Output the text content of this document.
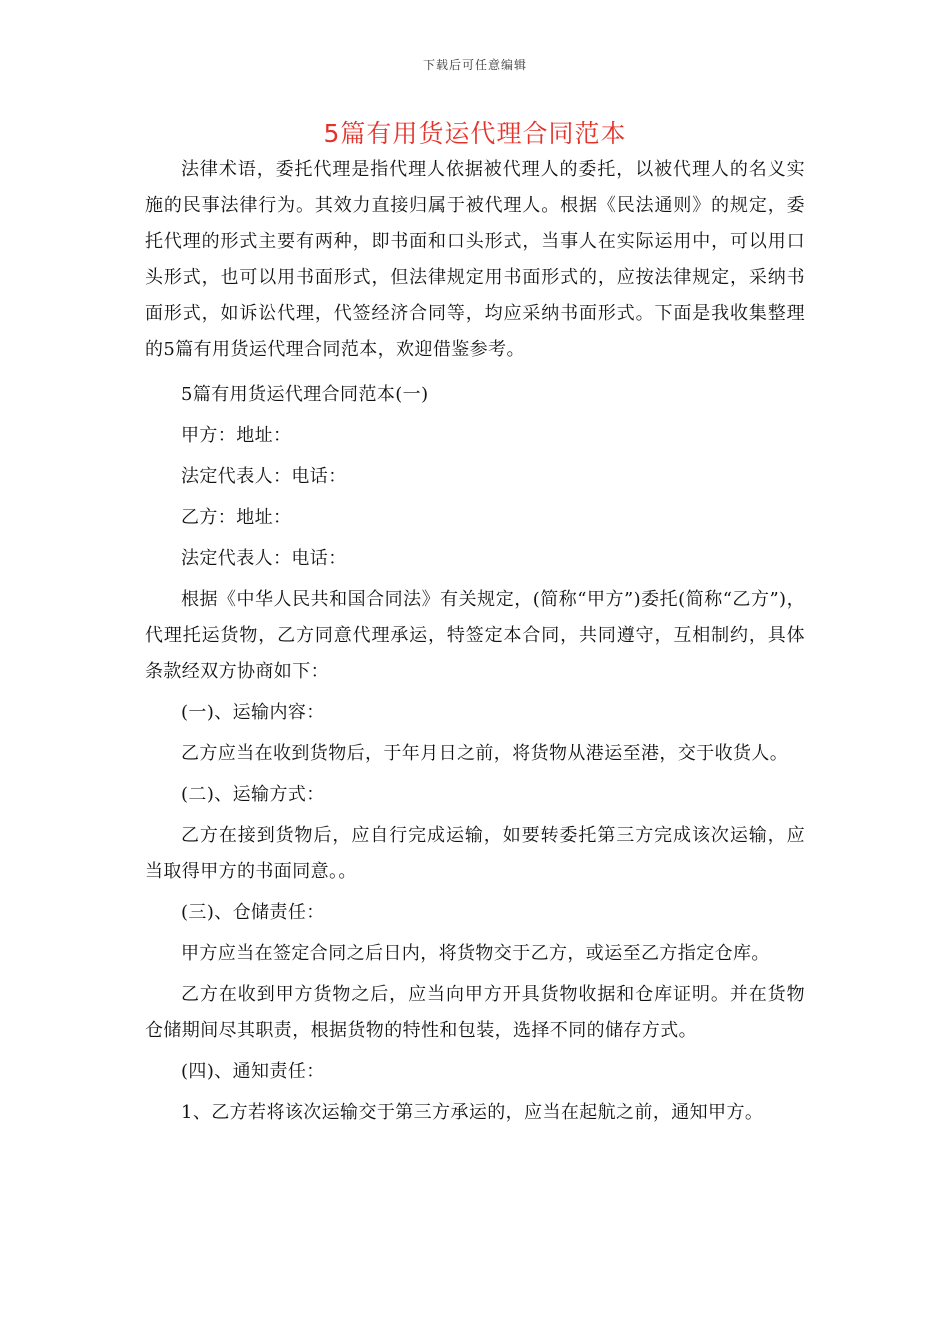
下载后可任意编辑
5篇有用货运代理合同范本

法律术语，委托代理是指代理人依据被代理人的委托，以被代理人的名义实施的民事法律行为。其效力直接归属于被代理人。根据《民法通则》的规定，委托代理的形式主要有两种，即书面和口头形式，当事人在实际运用中，可以用口头形式，也可以用书面形式，但法律规定用书面形式的，应按法律规定，采纳书面形式，如诉讼代理，代签经济合同等，均应采纳书面形式。下面是我收集整理的5篇有用货运代理合同范本，欢迎借鉴参考。

5篇有用货运代理合同范本(一)

甲方：地址：

法定代表人：电话：

乙方：地址：

法定代表人：电话：

根据《中华人民共和国合同法》有关规定，(简称“甲方”)委托(简称“乙方”)，代理托运货物，乙方同意代理承运，特签定本合同，共同遵守，互相制约，具体条款经双方协商如下：

(一)、运输内容：

乙方应当在收到货物后，于年月日之前，将货物从港运至港，交于收货人。

(二)、运输方式：

乙方在接到货物后，应自行完成运输，如要转委托第三方完成该次运输，应当取得甲方的书面同意。。

(三)、仓储责任：

甲方应当在签定合同之后日内，将货物交于乙方，或运至乙方指定仓库。

乙方在收到甲方货物之后，应当向甲方开具货物收据和仓库证明。并在货物仓储期间尽其职责，根据货物的特性和包装，选择不同的储存方式。

(四)、通知责任：

1、乙方若将该次运输交于第三方承运的，应当在起航之前，通知甲方。
